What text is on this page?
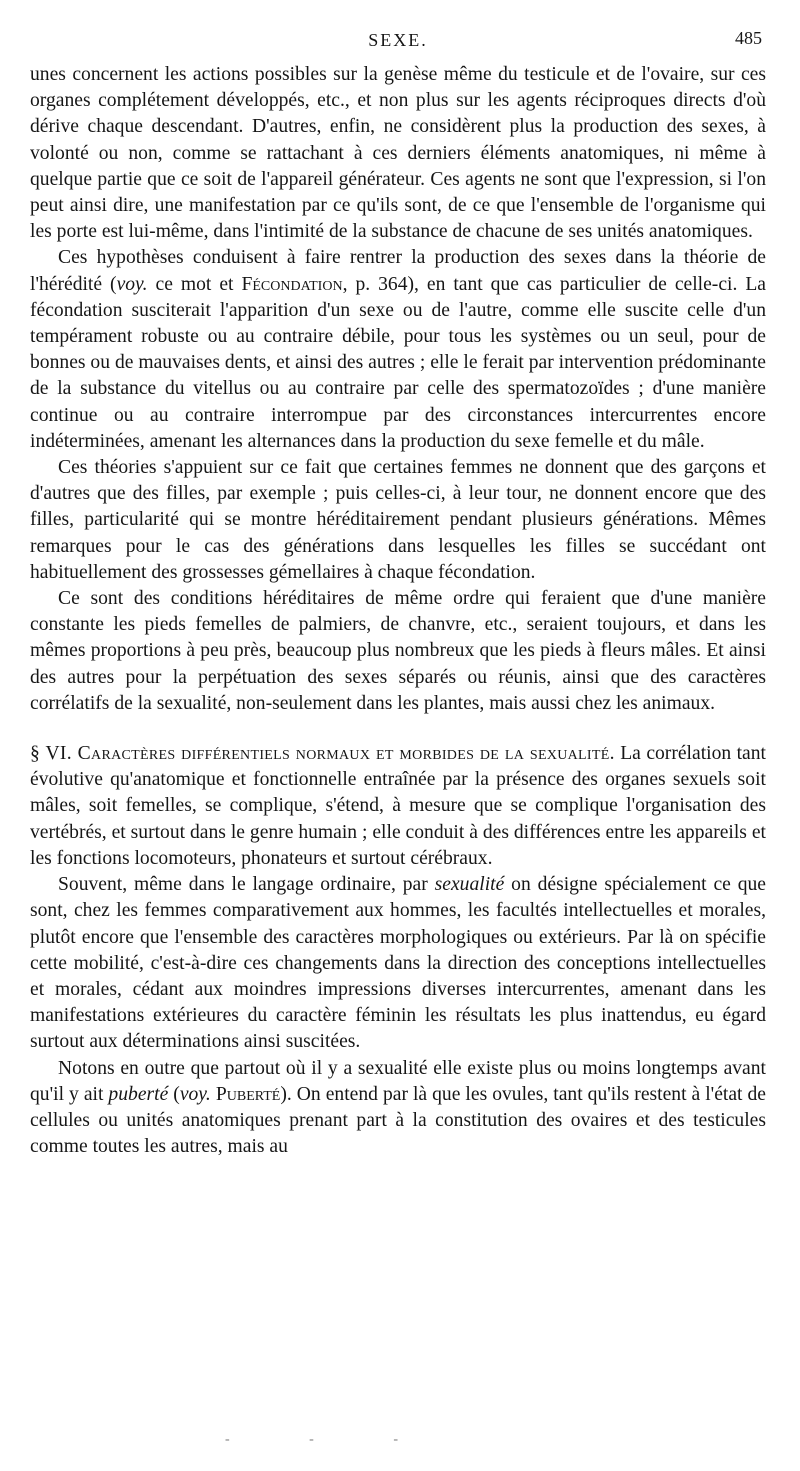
SEXE.	485

unes concernent les actions possibles sur la genèse même du testicule et de l'ovaire, sur ces organes complétement développés, etc., et non plus sur les agents réciproques directs d'où dérive chaque descendant. D'autres, enfin, ne considèrent plus la production des sexes, à volonté ou non, comme se rattachant à ces derniers éléments anatomiques, ni même à quelque partie que ce soit de l'appareil générateur. Ces agents ne sont que l'expression, si l'on peut ainsi dire, une manifestation par ce qu'ils sont, de ce que l'ensemble de l'organisme qui les porte est lui-même, dans l'intimité de la substance de chacune de ses unités anatomiques.

Ces hypothèses conduisent à faire rentrer la production des sexes dans la théorie de l'hérédité (voy. ce mot et Fécondation, p. 364), en tant que cas particulier de celle-ci. La fécondation susciterait l'apparition d'un sexe ou de l'autre, comme elle suscite celle d'un tempérament robuste ou au contraire débile, pour tous les systèmes ou un seul, pour de bonnes ou de mauvaises dents, et ainsi des autres ; elle le ferait par intervention prédominante de la substance du vitellus ou au contraire par celle des spermatozoïdes ; d'une manière continue ou au contraire interrompue par des circonstances intercurrentes encore indéterminées, amenant les alternances dans la production du sexe femelle et du mâle.

Ces théories s'appuient sur ce fait que certaines femmes ne donnent que des garçons et d'autres que des filles, par exemple ; puis celles-ci, à leur tour, ne donnent encore que des filles, particularité qui se montre héréditairement pendant plusieurs générations. Mêmes remarques pour le cas des générations dans lesquelles les filles se succédant ont habituellement des grossesses gémellaires à chaque fécondation.

Ce sont des conditions héréditaires de même ordre qui feraient que d'une manière constante les pieds femelles de palmiers, de chanvre, etc., seraient toujours, et dans les mêmes proportions à peu près, beaucoup plus nombreux que les pieds à fleurs mâles. Et ainsi des autres pour la perpétuation des sexes séparés ou réunis, ainsi que des caractères corrélatifs de la sexualité, non-seulement dans les plantes, mais aussi chez les animaux.

§ VI. Caractères différentiels normaux et morbides de la sexualité. La corrélation tant évolutive qu'anatomique et fonctionnelle entraînée par la présence des organes sexuels soit mâles, soit femelles, se complique, s'étend, à mesure que se complique l'organisation des vertébrés, et surtout dans le genre humain ; elle conduit à des différences entre les appareils et les fonctions locomoteurs, phonateurs et surtout cérébraux.

Souvent, même dans le langage ordinaire, par sexualité on désigne spécialement ce que sont, chez les femmes comparativement aux hommes, les facultés intellectuelles et morales, plutôt encore que l'ensemble des caractères morphologiques ou extérieurs. Par là on spécifie cette mobilité, c'est-à-dire ces changements dans la direction des conceptions intellectuelles et morales, cédant aux moindres impressions diverses intercurrentes, amenant dans les manifestations extérieures du caractère féminin les résultats les plus inattendus, eu égard surtout aux déterminations ainsi suscitées.

Notons en outre que partout où il y a sexualité elle existe plus ou moins longtemps avant qu'il y ait puberté (voy. Puberté). On entend par là que les ovules, tant qu'ils restent à l'état de cellules ou unités anatomiques prenant part à la constitution des ovaires et des testicules comme toutes les autres, mais au

- - -
